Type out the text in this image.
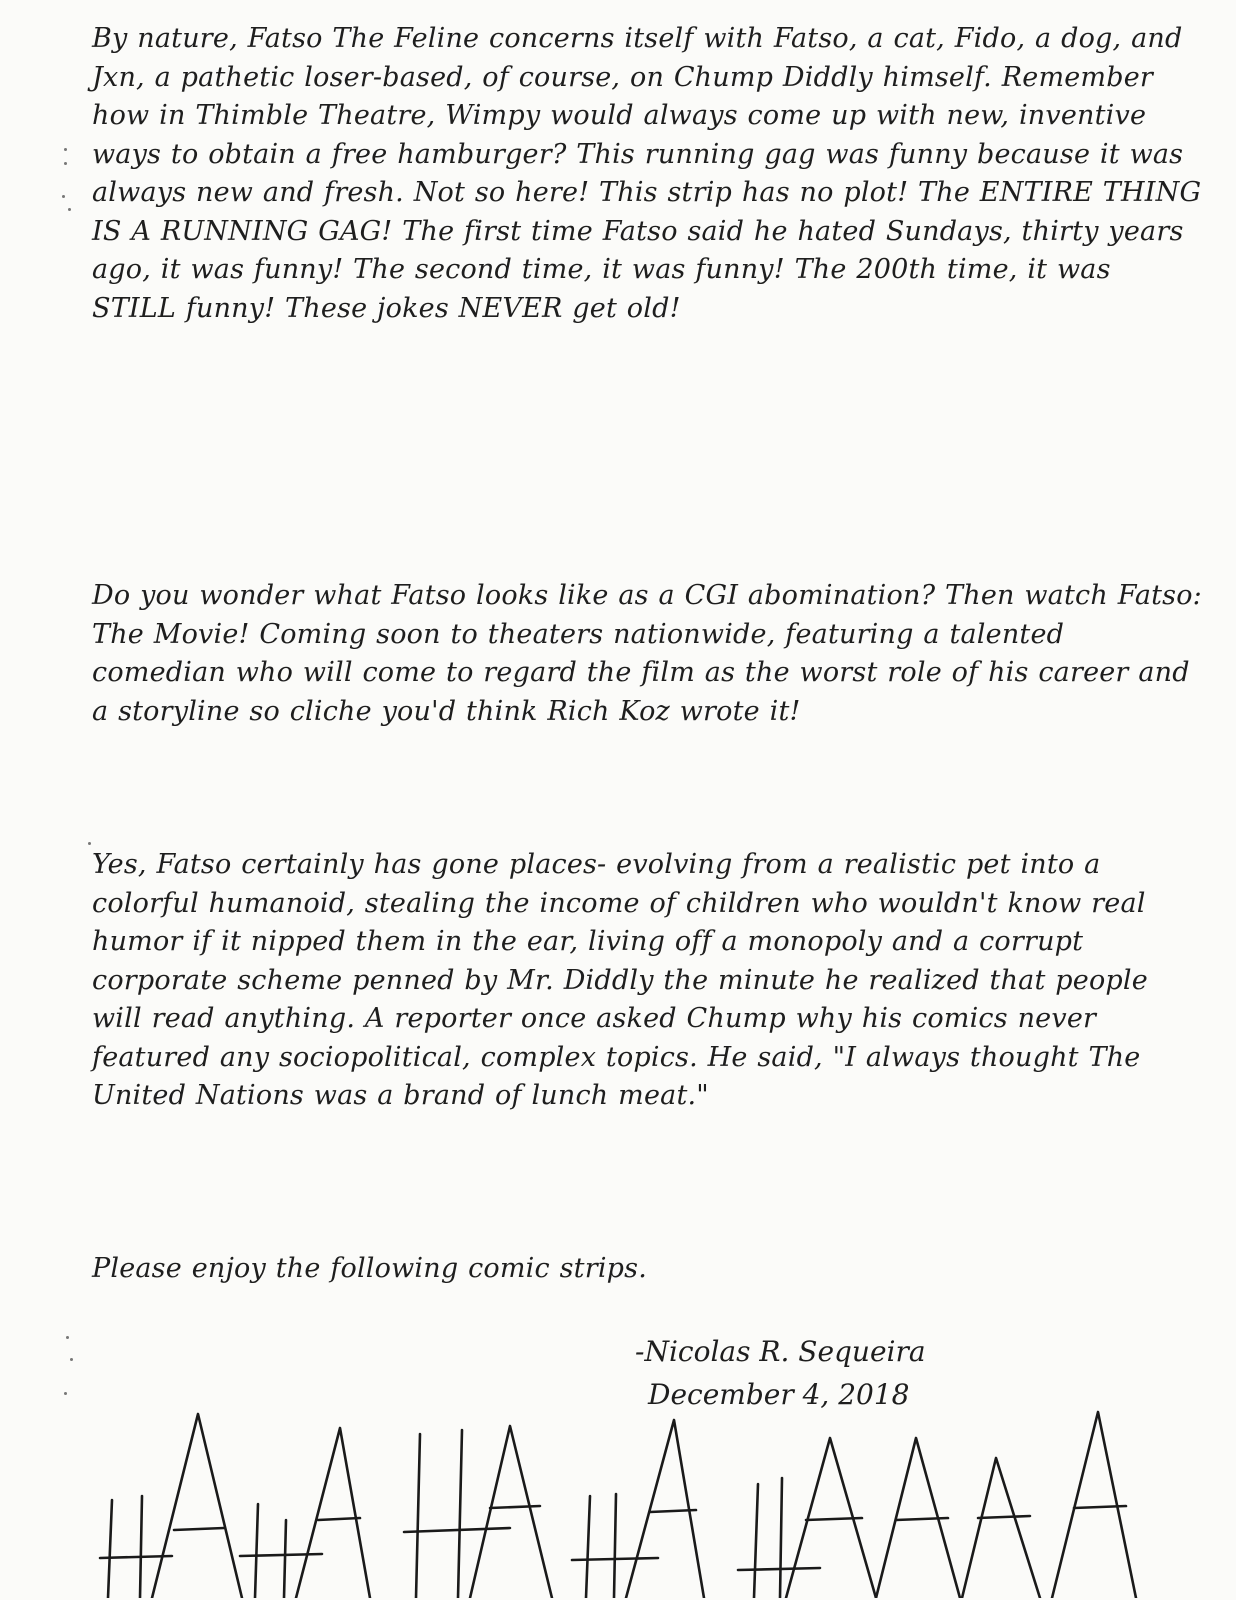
By nature, Fatso The Feline concerns itself with Fatso, a cat, Fido, a dog, and Jxn, a pathetic loser-based, of course, on Chump Diddly himself. Remember how in Thimble Theatre, Wimpy would always come up with new, inventive ways to obtain a free hamburger? This running gag was funny because it was always new and fresh. Not so here! This strip has no plot! The ENTIRE THING IS A RUNNING GAG! The first time Fatso said he hated Sundays, thirty years ago, it was funny! The second time, it was funny! The 200th time, it was STILL funny! These jokes NEVER get old!

Do you wonder what Fatso looks like as a CGI abomination? Then watch Fatso: The Movie! Coming soon to theaters nationwide, featuring a talented comedian who will come to regard the film as the worst role of his career and a storyline so cliche you'd think Rich Koz wrote it!

Yes, Fatso certainly has gone places- evolving from a realistic pet into a colorful humanoid, stealing the income of children who wouldn't know real humor if it nipped them in the ear, living off a monopoly and a corrupt corporate scheme penned by Mr. Diddly the minute he realized that people will read anything. A reporter once asked Chump why his comics never featured any sociopolitical, complex topics. He said, "I always thought The United Nations was a brand of lunch meat."

Please enjoy the following comic strips.

-Nicolas R. Sequeira
December 4, 2018
